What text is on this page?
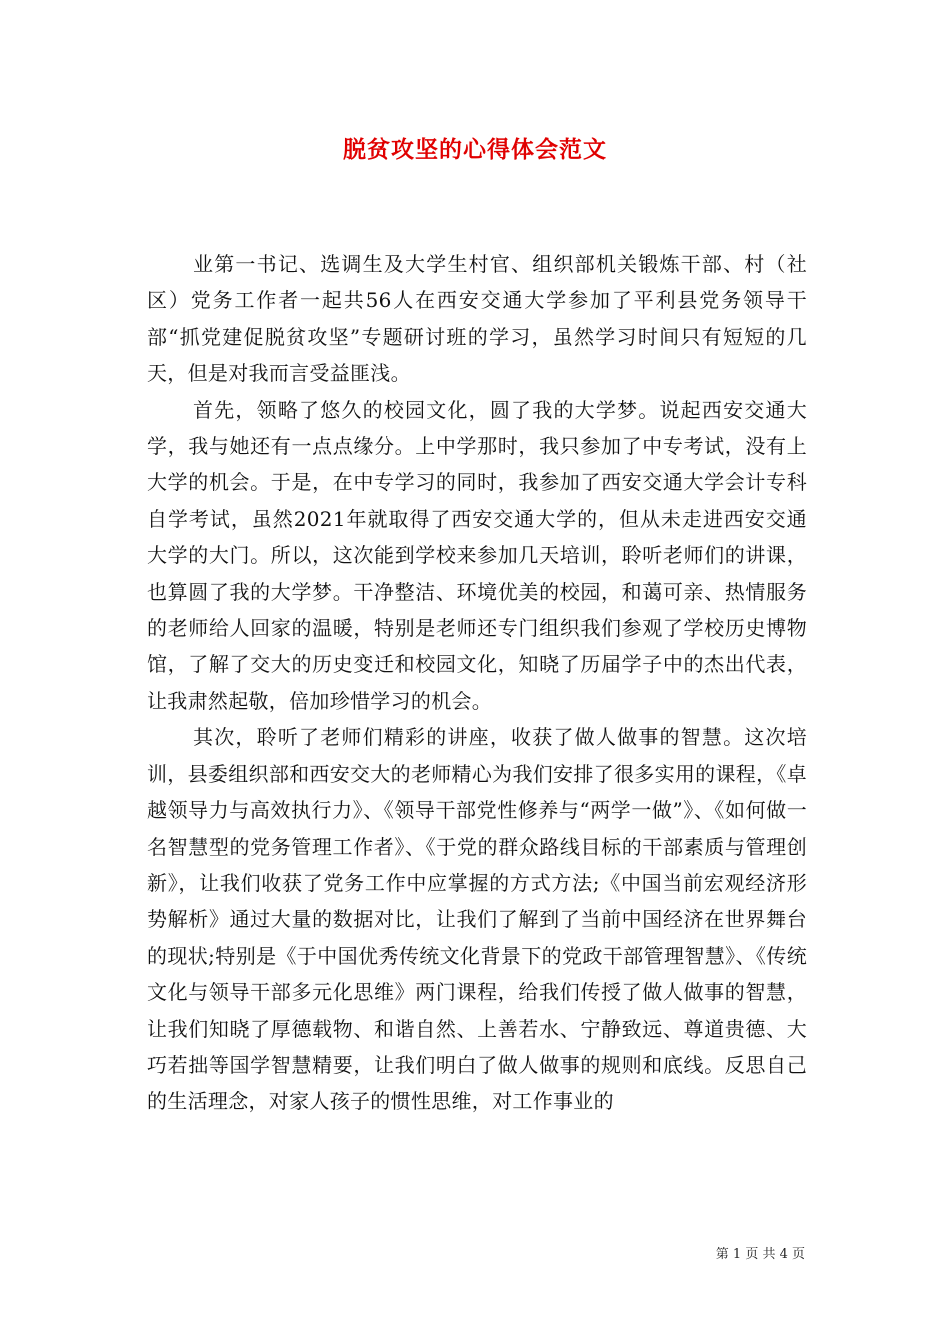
脱贫攻坚的心得体会范文

业第一书记、选调生及大学生村官、组织部机关锻炼干部、村（社区）党务工作者一起共56人在西安交通大学参加了平利县党务领导干部“抓党建促脱贫攻坚”专题研讨班的学习，虽然学习时间只有短短的几天，但是对我而言受益匪浅。

首先，领略了悠久的校园文化，圆了我的大学梦。说起西安交通大学，我与她还有一点点缘分。上中学那时，我只参加了中专考试，没有上大学的机会。于是，在中专学习的同时，我参加了西安交通大学会计专科自学考试，虽然2021年就取得了西安交通大学的，但从未走进西安交通大学的大门。所以，这次能到学校来参加几天培训，聆听老师们的讲课，也算圆了我的大学梦。干净整洁、环境优美的校园，和蔼可亲、热情服务的老师给人回家的温暖，特别是老师还专门组织我们参观了学校历史博物馆，了解了交大的历史变迁和校园文化，知晓了历届学子中的杰出代表，让我肃然起敬，倍加珍惜学习的机会。

其次，聆听了老师们精彩的讲座，收获了做人做事的智慧。这次培训，县委组织部和西安交大的老师精心为我们安排了很多实用的课程，《卓越领导力与高效执行力》、《领导干部党性修养与“两学一做”》、《如何做一名智慧型的党务管理工作者》、《于党的群众路线目标的干部素质与管理创新》，让我们收获了党务工作中应掌握的方式方法;《中国当前宏观经济形势解析》通过大量的数据对比，让我们了解到了当前中国经济在世界舞台的现状;特别是《于中国优秀传统文化背景下的党政干部管理智慧》、《传统文化与领导干部多元化思维》两门课程，给我们传授了做人做事的智慧，让我们知晓了厚德载物、和谐自然、上善若水、宁静致远、尊道贵德、大巧若拙等国学智慧精要，让我们明白了做人做事的规则和底线。反思自己的生活理念，对家人孩子的惯性思维，对工作事业的

第 1 页 共 4 页
